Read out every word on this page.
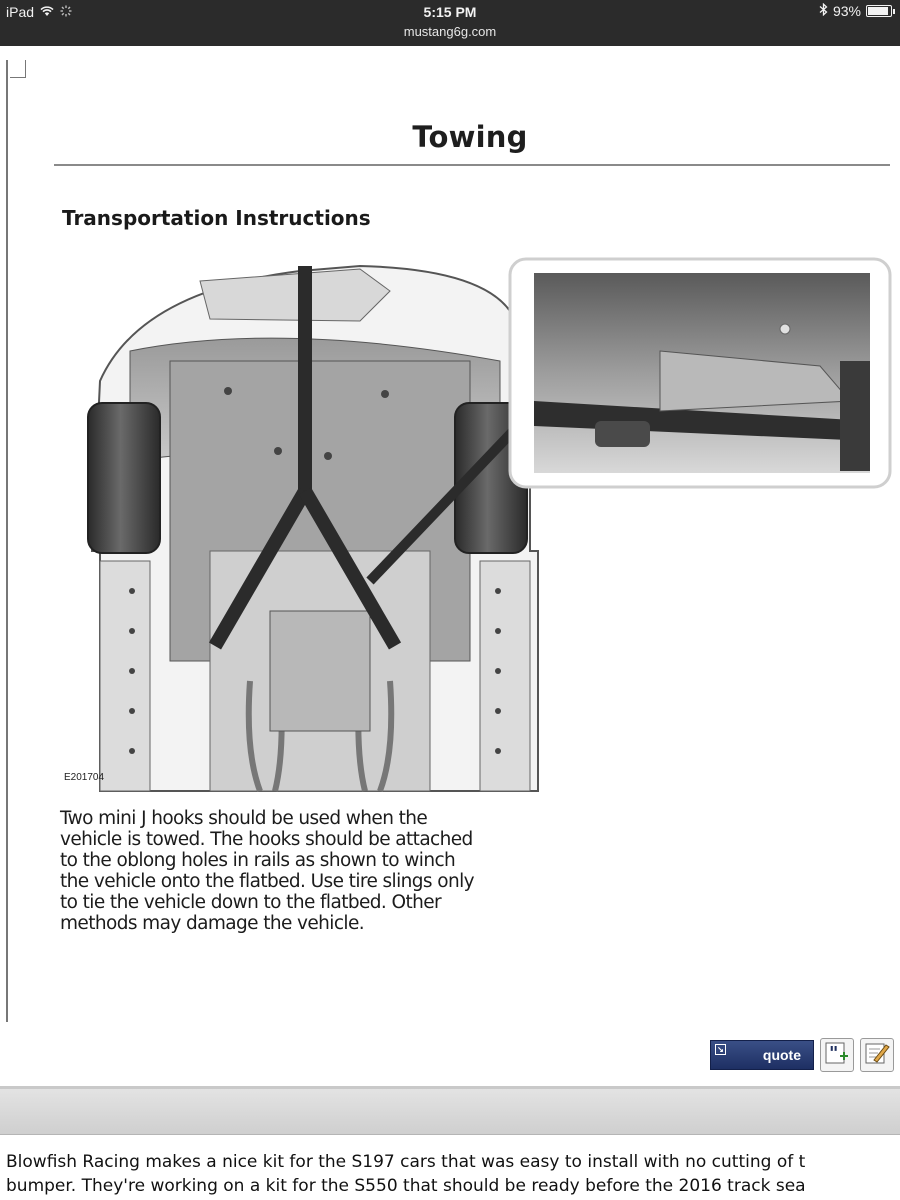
iPad	5:15 PM
mustang6g.com
93%
Towing
Transportation Instructions
E201704
Two mini J hooks should be used when the vehicle is towed. The hooks should be attached to the oblong holes in rails as shown to winch the vehicle onto the flatbed. Use tire slings only to tie the vehicle down to the flatbed. Other methods may damage the vehicle.
↘	quote "
Blowfish Racing makes a nice kit for the S197 cars that was easy to install with no cutting of t
bumper. They're working on a kit for the S550 that should be ready before the 2016 track sea
